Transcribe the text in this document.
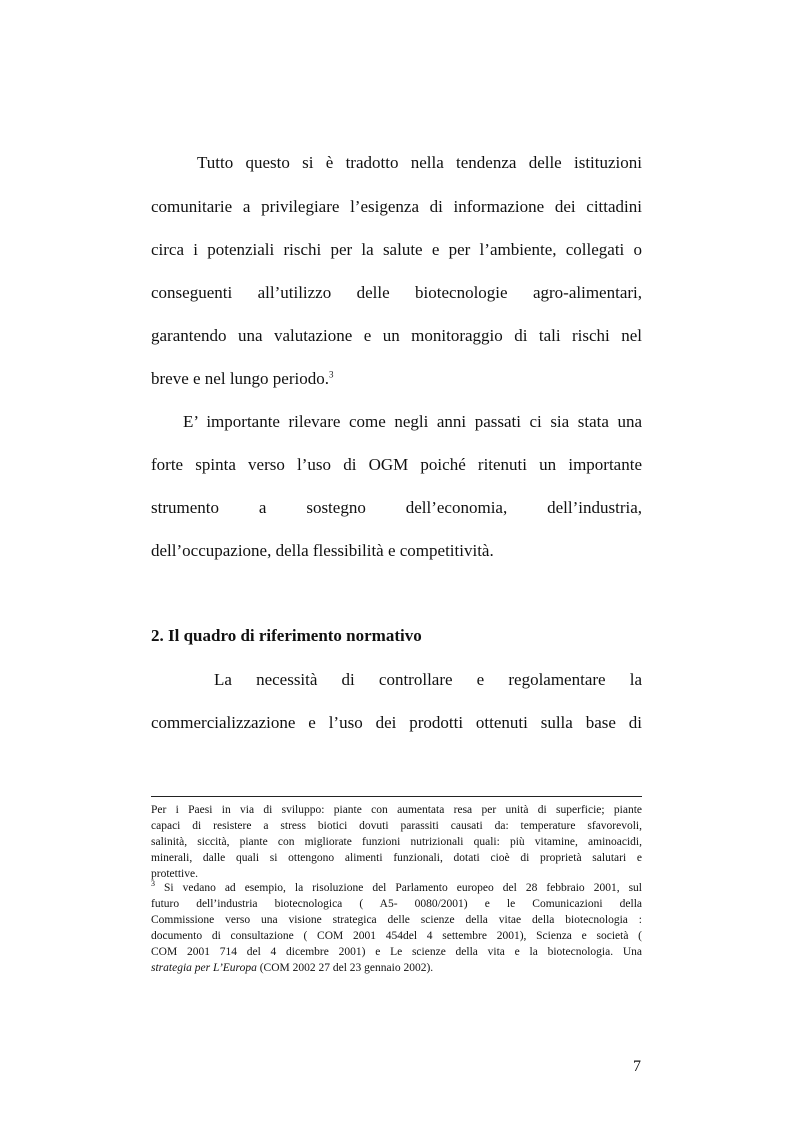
Tutto questo si è tradotto nella tendenza delle istituzioni
comunitarie a privilegiare l’esigenza di informazione dei cittadini
circa i potenziali rischi per la salute e per l’ambiente, collegati o
conseguenti all’utilizzo delle biotecnologie agro-alimentari,
garantendo una valutazione e un monitoraggio di tali rischi nel
breve e nel lungo periodo.$^3$
E’ importante rilevare come negli anni passati ci sia stata una
forte spinta verso l’uso di OGM poiché ritenuti un importante
strumento a sostegno dell’economia, dell’industria,
dell’occupazione, della flessibilità e competitività.
2. Il quadro di riferimento normativo
La necessità di controllare e regolamentare la
commercializzazione e l’uso dei prodotti ottenuti sulla base di
Per i Paesi in via di sviluppo: piante con aumentata resa per unità di superficie; piante
capaci di resistere a stress biotici dovuti parassiti causati da: temperature sfavorevoli,
salinità, siccità, piante con migliorate funzioni nutrizionali quali: più vitamine, aminoacidi,
minerali, dalle quali si ottengono alimenti funzionali, dotati cioè di proprietà salutari e
protettive.
$^3$ Si vedano ad esempio, la risoluzione del Parlamento europeo del 28 febbraio 2001, sul
futuro dell’industria biotecnologica ( A5- 0080/2001) e le Comunicazioni della
Commissione verso una visione strategica delle scienze della vitae della biotecnologia :
documento di consultazione ( COM 2001 454del 4 settembre 2001), Scienza e società (
COM 2001 714 del 4 dicembre 2001) e Le scienze della vita e la biotecnologia. Una
strategia per L’Europa (COM 2002 27 del 23 gennaio 2002).
7
